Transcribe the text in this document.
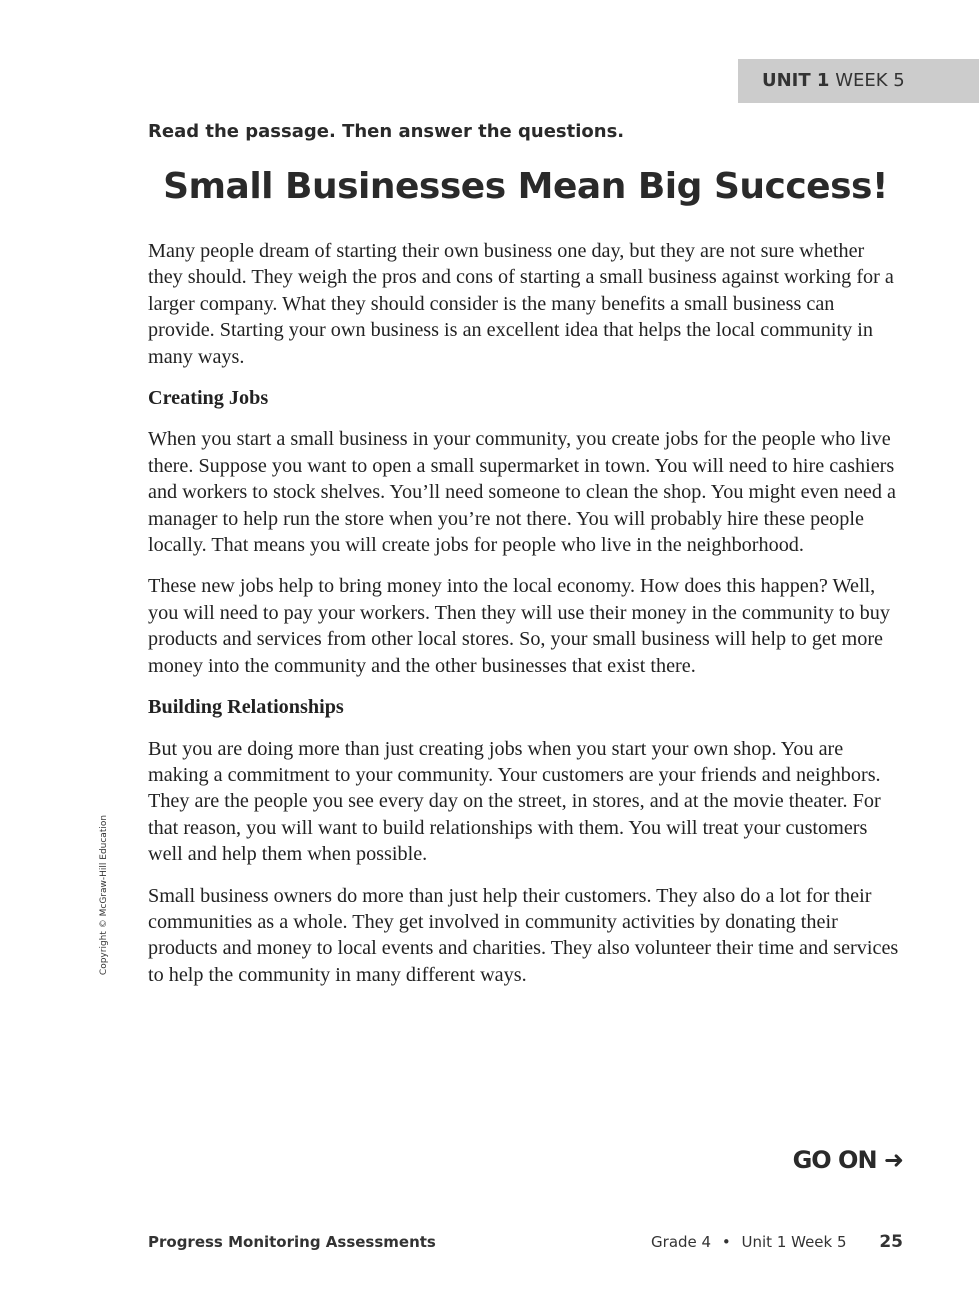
UNIT 1 WEEK 5
Read the passage. Then answer the questions.
Small Businesses Mean Big Success!

Many people dream of starting their own business one day, but they are not sure whether they should. They weigh the pros and cons of starting a small business against working for a larger company. What they should consider is the many benefits a small business can provide. Starting your own business is an excellent idea that helps the local community in many ways.

Creating Jobs

When you start a small business in your community, you create jobs for the people who live there. Suppose you want to open a small supermarket in town. You will need to hire cashiers and workers to stock shelves. You’ll need someone to clean the shop. You might even need a manager to help run the store when you’re not there. You will probably hire these people locally. That means you will create jobs for people who live in the neighborhood.

These new jobs help to bring money into the local economy. How does this happen? Well, you will need to pay your workers. Then they will use their money in the community to buy products and services from other local stores. So, your small business will help to get more money into the community and the other businesses that exist there.

Building Relationships

But you are doing more than just creating jobs when you start your own shop. You are making a commitment to your community. Your customers are your friends and neighbors. They are the people you see every day on the street, in stores, and at the movie theater. For that reason, you will want to build relationships with them. You will treat your customers well and help them when possible.

Small business owners do more than just help their customers. They also do a lot for their communities as a whole. They get involved in community activities by donating their products and money to local events and charities. They also volunteer their time and services to help the community in many different ways.

Copyright © McGraw-Hill Education
GO ON ➜
Progress Monitoring Assessments	Grade 4 • Unit 1 Week 5 25
